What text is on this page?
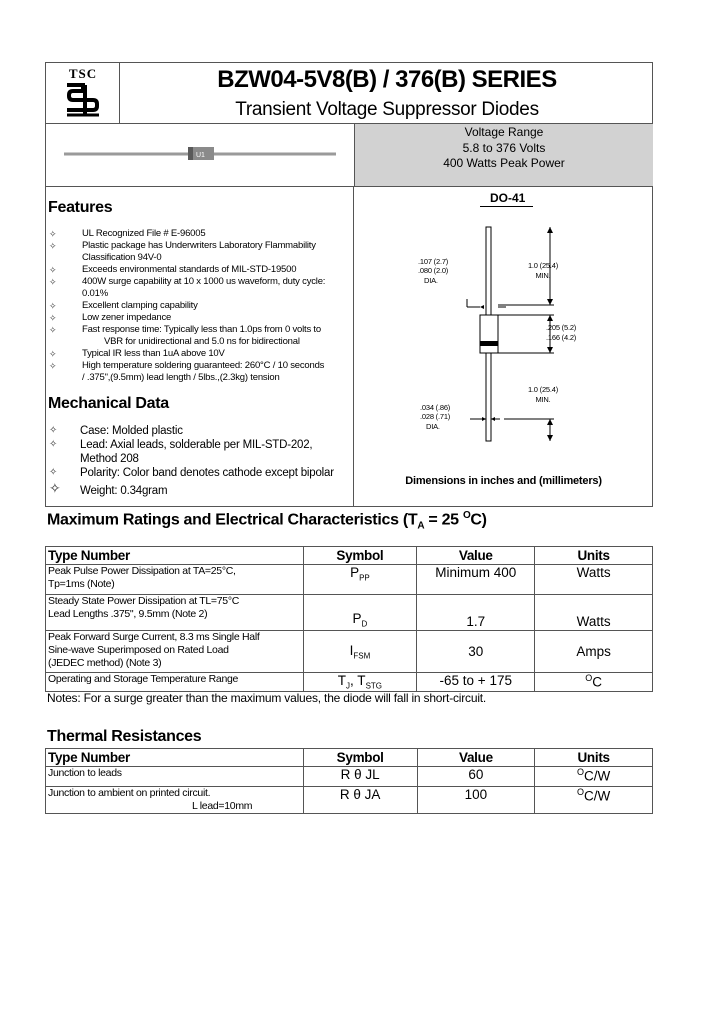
TSC	BZW04-5V8(B) / 376(B) SERIES
Transient Voltage Suppressor Diodes
U1
Voltage Range
5.8 to 376 Volts
400 Watts Peak Power
Features
✧	UL Recognized File # E-96005
✧	Plastic package has Underwriters Laboratory Flammability
Classification 94V-0
✧	Exceeds environmental standards of MIL-STD-19500
✧	400W surge capability at 10 x 1000 us waveform, duty cycle:
0.01%
✧	Excellent clamping capability
✧	Low zener impedance
✧	Fast response time: Typically less than 1.0ps from 0 volts to
VBR for unidirectional and 5.0 ns for bidirectional
✧	Typical IR less than 1uA above 10V
✧	High temperature soldering guaranteed: 260°C / 10 seconds
/ .375",(9.5mm) lead length / 5lbs.,(2.3kg) tension
Mechanical Data
✧	Case: Molded plastic
✧	Lead: Axial leads, solderable per MIL-STD-202,
Method 208
✧	Polarity: Color band denotes cathode except bipolar
✧ Weight: 0.34gram
DO-41
.107 (2.7)
.080 (2.0)
DIA.
1.0 (25.4)
MIN.
.205 (5.2)
.166 (4.2)
1.0 (25.4)
MIN.
.034 (.86)
.028 (.71)
DIA.
Dimensions in inches and (millimeters)
Maximum Ratings and Electrical Characteristics ($T_A = 25$ $^O$C)
Type Number	Symbol	Value	Units

Peak Pulse Power Dissipation at TA=25°C,
Tp=1ms (Note)	$P_{PP}$	Minimum 400	Watts

Steady State Power Dissipation at TL=75°C
Lead Lengths .375", 9.5mm (Note 2)	$P_D$	1.7	Watts

Peak Forward Surge Current, 8.3 ms Single Half
Sine-wave Superimposed on Rated Load
(JEDEC method) (Note 3)	$I_{FSM}$	30	Amps

Operating and Storage Temperature Range	$T_J$, $T_{STG}$	-65 to + 175	$^O$C
Notes: For a surge greater than the maximum values, the diode will fall in short-circuit.
Thermal Resistances
Type Number	Symbol	Value	Units

Junction to leads	R θ JL	60	$^O$C/W

Junction to ambient on printed circuit.
L lead=10mm	R θ JA	100	$^O$C/W
